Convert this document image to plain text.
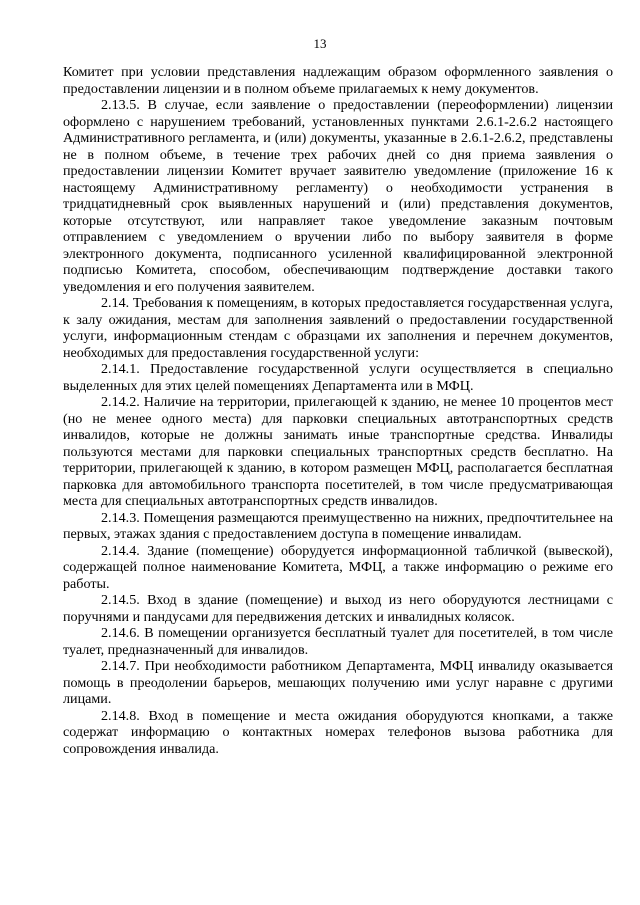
13

Комитет при условии представления надлежащим образом оформленного заявления о предоставлении лицензии и в полном объеме прилагаемых к нему документов.

2.13.5. В случае, если заявление о предоставлении (переоформлении) лицензии оформлено с нарушением требований, установленных пунктами 2.6.1-2.6.2 настоящего Административного регламента, и (или) документы, указанные в 2.6.1-2.6.2, представлены не в полном объеме, в течение трех рабочих дней со дня приема заявления о предоставлении лицензии Комитет вручает заявителю уведомление (приложение 16 к настоящему Административному регламенту) о необходимости устранения в тридцатидневный срок выявленных нарушений и (или) представления документов, которые отсутствуют, или направляет такое уведомление заказным почтовым отправлением с уведомлением о вручении либо по выбору заявителя в форме электронного документа, подписанного усиленной квалифицированной электронной подписью Комитета, способом, обеспечивающим подтверждение доставки такого уведомления и его получения заявителем.

2.14. Требования к помещениям, в которых предоставляется государственная услуга, к залу ожидания, местам для заполнения заявлений о предоставлении государственной услуги, информационным стендам с образцами их заполнения и перечнем документов, необходимых для предоставления государственной услуги:

2.14.1. Предоставление государственной услуги осуществляется в специально выделенных для этих целей помещениях Департамента или в МФЦ.

2.14.2. Наличие на территории, прилегающей к зданию, не менее 10 процентов мест (но не менее одного места) для парковки специальных автотранспортных средств инвалидов, которые не должны занимать иные транспортные средства. Инвалиды пользуются местами для парковки специальных транспортных средств бесплатно. На территории, прилегающей к зданию, в котором размещен МФЦ, располагается бесплатная парковка для автомобильного транспорта посетителей, в том числе предусматривающая места для специальных автотранспортных средств инвалидов.

2.14.3. Помещения размещаются преимущественно на нижних, предпочтительнее на первых, этажах здания с предоставлением доступа в помещение инвалидам.

2.14.4. Здание (помещение) оборудуется информационной табличкой (вывеской), содержащей полное наименование Комитета, МФЦ, а также информацию о режиме его работы.

2.14.5. Вход в здание (помещение) и выход из него оборудуются лестницами с поручнями и пандусами для передвижения детских и инвалидных колясок.

2.14.6. В помещении организуется бесплатный туалет для посетителей, в том числе туалет, предназначенный для инвалидов.

2.14.7. При необходимости работником Департамента, МФЦ инвалиду оказывается помощь в преодолении барьеров, мешающих получению ими услуг наравне с другими лицами.

2.14.8. Вход в помещение и места ожидания оборудуются кнопками, а также содержат информацию о контактных номерах телефонов вызова работника для сопровождения инвалида.
